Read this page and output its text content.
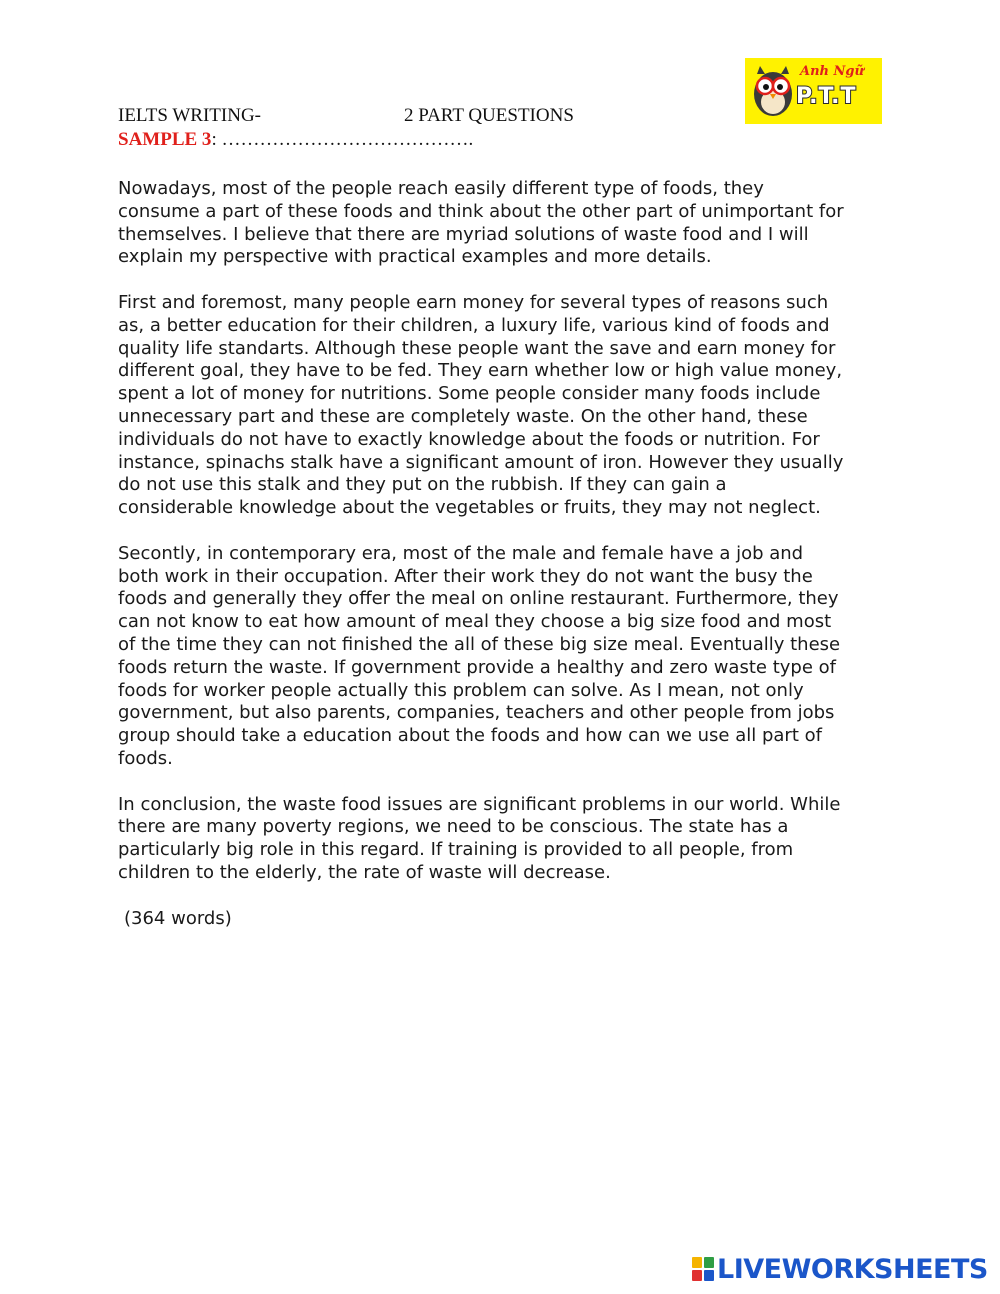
Anh Ngữ
P.T.T
IELTS WRITING-	2 PART QUESTIONS
SAMPLE 3: ………………………………….

Nowadays, most of the people reach easily different type of foods, they
consume a part of these foods and think about the other part of unimportant for
themselves. I believe that there are myriad solutions of waste food and I will
explain my perspective with practical examples and more details.

First and foremost, many people earn money for several types of reasons such
as, a better education for their children, a luxury life, various kind of foods and
quality life standarts. Although these people want the save and earn money for
different goal, they have to be fed. They earn whether low or high value money,
spent a lot of money for nutritions. Some people consider many foods include
unnecessary part and these are completely waste. On the other hand, these
individuals do not have to exactly knowledge about the foods or nutrition. For
instance, spinachs stalk have a significant amount of iron. However they usually
do not use this stalk and they put on the rubbish. If they can gain a
considerable knowledge about the vegetables or fruits, they may not neglect.

Secontly, in contemporary era, most of the male and female have a job and
both work in their occupation. After their work they do not want the busy the
foods and generally they offer the meal on online restaurant. Furthermore, they
can not know to eat how amount of meal they choose a big size food and most
of the time they can not finished the all of these big size meal. Eventually these
foods return the waste. If government provide a healthy and zero waste type of
foods for worker people actually this problem can solve. As I mean, not only
government, but also parents, companies, teachers and other people from jobs
group should take a education about the foods and how can we use all part of
foods.

In conclusion, the waste food issues are significant problems in our world. While
there are many poverty regions, we need to be conscious. The state has a
particularly big role in this regard. If training is provided to all people, from
children to the elderly, the rate of waste will decrease.

(364 words)

LIVEWORKSHEETS
